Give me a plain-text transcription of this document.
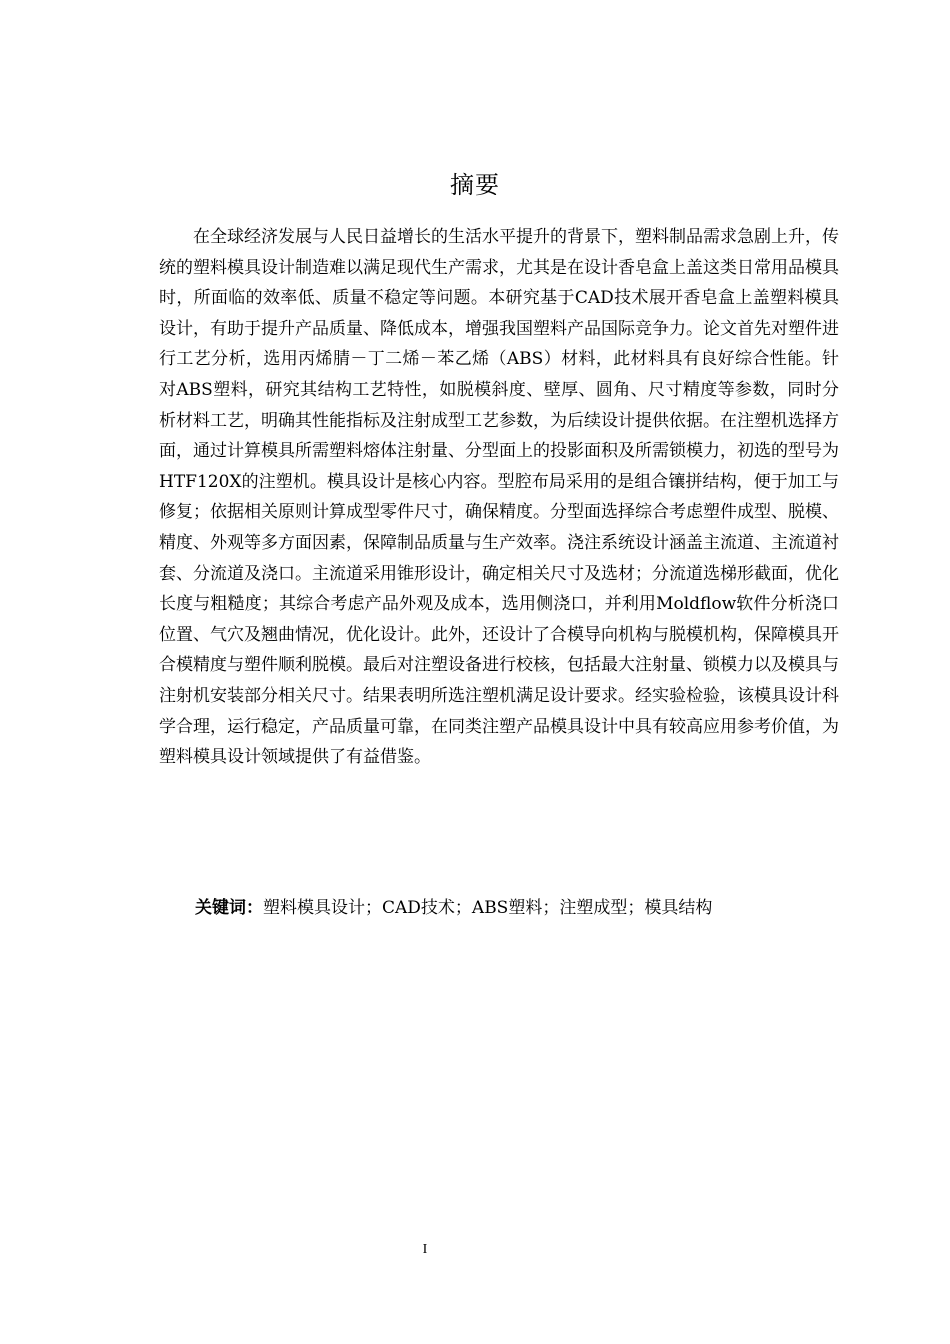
摘要

在全球经济发展与人民日益增长的生活水平提升的背景下，塑料制品需求急剧上升，传统的塑料模具设计制造难以满足现代生产需求，尤其是在设计香皂盒上盖这类日常用品模具时，所面临的效率低、质量不稳定等问题。本研究基于CAD技术展开香皂盒上盖塑料模具设计，有助于提升产品质量、降低成本，增强我国塑料产品国际竞争力。论文首先对塑件进行工艺分析，选用丙烯腈－丁二烯－苯乙烯（ABS）材料，此材料具有良好综合性能。针对ABS塑料，研究其结构工艺特性，如脱模斜度、壁厚、圆角、尺寸精度等参数，同时分析材料工艺，明确其性能指标及注射成型工艺参数，为后续设计提供依据。在注塑机选择方面，通过计算模具所需塑料熔体注射量、分型面上的投影面积及所需锁模力，初选的型号为HTF120X的注塑机。模具设计是核心内容。型腔布局采用的是组合镶拼结构，便于加工与修复；依据相关原则计算成型零件尺寸，确保精度。分型面选择综合考虑塑件成型、脱模、精度、外观等多方面因素，保障制品质量与生产效率。浇注系统设计涵盖主流道、主流道衬套、分流道及浇口。主流道采用锥形设计，确定相关尺寸及选材；分流道选梯形截面，优化长度与粗糙度；其综合考虑产品外观及成本，选用侧浇口，并利用Moldflow软件分析浇口位置、气穴及翘曲情况，优化设计。此外，还设计了合模导向机构与脱模机构，保障模具开合模精度与塑件顺利脱模。最后对注塑设备进行校核，包括最大注射量、锁模力以及模具与注射机安装部分相关尺寸。结果表明所选注塑机满足设计要求。经实验检验，该模具设计科学合理，运行稳定，产品质量可靠，在同类注塑产品模具设计中具有较高应用参考价值，为塑料模具设计领域提供了有益借鉴。

关键词：塑料模具设计；CAD技术；ABS塑料；注塑成型；模具结构
I
